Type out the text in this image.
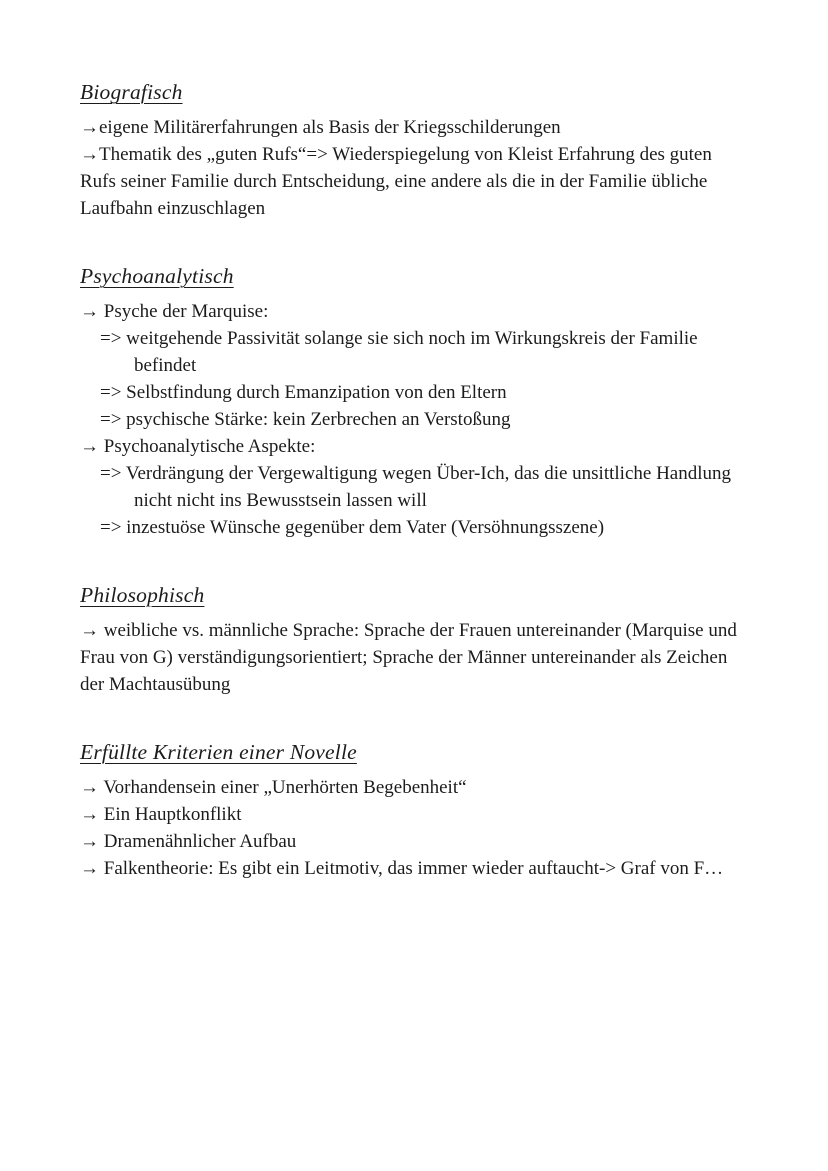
Biografisch

→eigene Militärerfahrungen als Basis der Kriegsschilderungen

→Thematik des „guten Rufs“=> Wiederspiegelung von Kleist Erfahrung des guten Rufs seiner Familie durch Entscheidung, eine andere als die in der Familie übliche Laufbahn einzuschlagen

Psychoanalytisch

→ Psyche der Marquise:

=> weitgehende Passivität solange sie sich noch im Wirkungskreis der Familie befindet

=> Selbstfindung durch Emanzipation von den Eltern

=> psychische Stärke: kein Zerbrechen an Verstoßung

→ Psychoanalytische Aspekte:

=> Verdrängung der Vergewaltigung wegen Über-Ich, das die unsittliche Handlung nicht nicht ins Bewusstsein lassen will

=> inzestuöse Wünsche gegenüber dem Vater (Versöhnungsszene)

Philosophisch

→ weibliche vs. männliche Sprache: Sprache der Frauen untereinander (Marquise und Frau von G) verständigungsorientiert; Sprache der Männer untereinander als Zeichen der Machtausübung

Erfüllte Kriterien einer Novelle

→ Vorhandensein einer „Unerhörten Begebenheit“

→ Ein Hauptkonflikt

→ Dramenähnlicher Aufbau

→ Falkentheorie: Es gibt ein Leitmotiv, das immer wieder auftaucht-> Graf von F…
